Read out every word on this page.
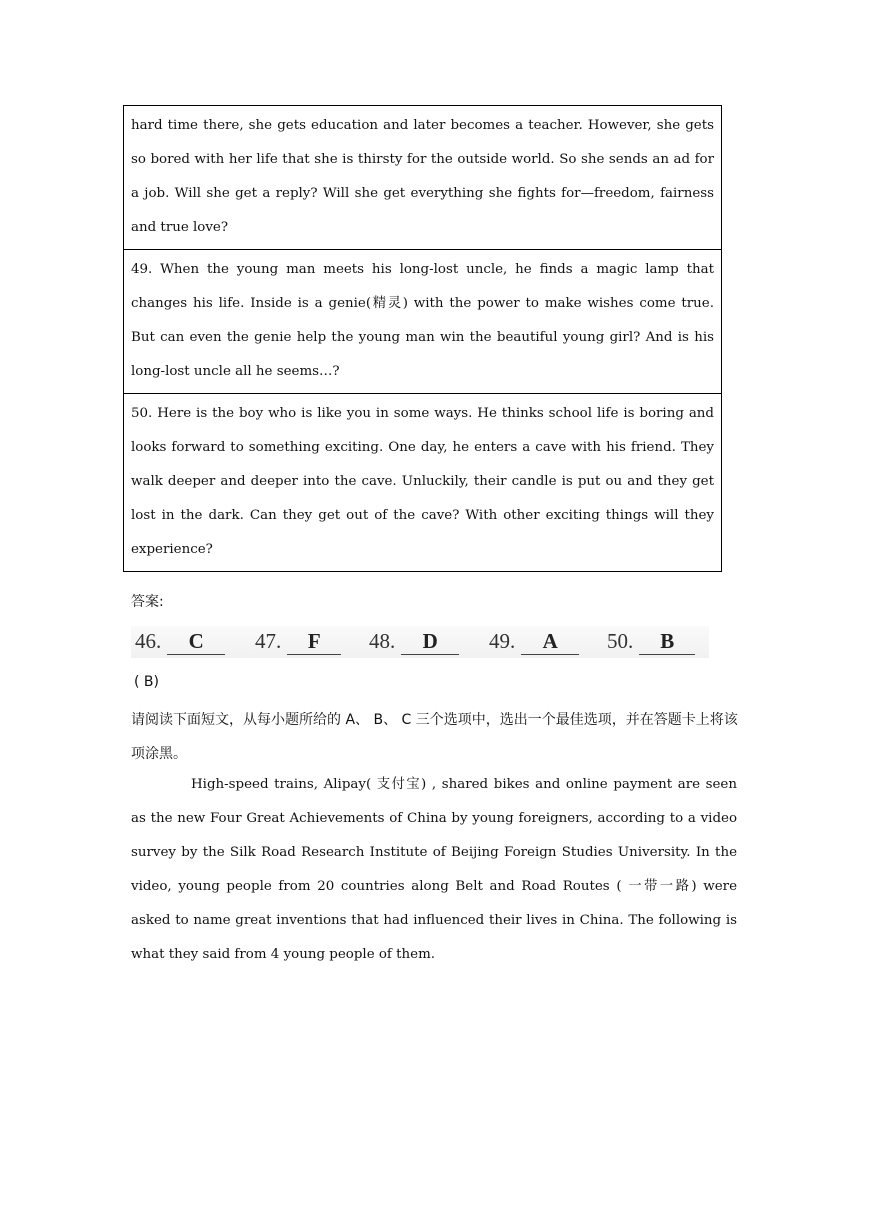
hard time there, she gets education and later becomes a teacher. However, she gets so bored with her life that she is thirsty for the outside world. So she sends an ad for a job. Will she get a reply? Will she get everything she fights for—freedom, fairness and true love?
49. When the young man meets his long-lost uncle, he finds a magic lamp that changes his life. Inside is a genie(精灵) with the power to make wishes come true. But can even the genie help the young man win the beautiful young girl? And is his long-lost uncle all he seems…?
50. Here is the boy who is like you in some ways. He thinks school life is boring and looks forward to something exciting. One day, he enters a cave with his friend. They walk deeper and deeper into the cave. Unluckily, their candle is put ou and they get lost in the dark. Can they get out of the cave? With other exciting things will they experience?
答案:
46. C	47. F	48. D	49. A	50. B
( B)
请阅读下面短文，从每小题所给的 A、 B、 C 三个选项中，选出一个最佳选项，并在答题卡上将该项涂黑。
High-speed trains, Alipay( 支付宝) , shared bikes and online payment are seen as the new Four Great Achievements of China by young foreigners, according to a video survey by the Silk Road Research Institute of Beijing Foreign Studies University. In the video, young people from 20 countries along Belt and Road Routes ( 一带一路) were asked to name great inventions that had influenced their lives in China. The following is what they said from 4 young people of them.
